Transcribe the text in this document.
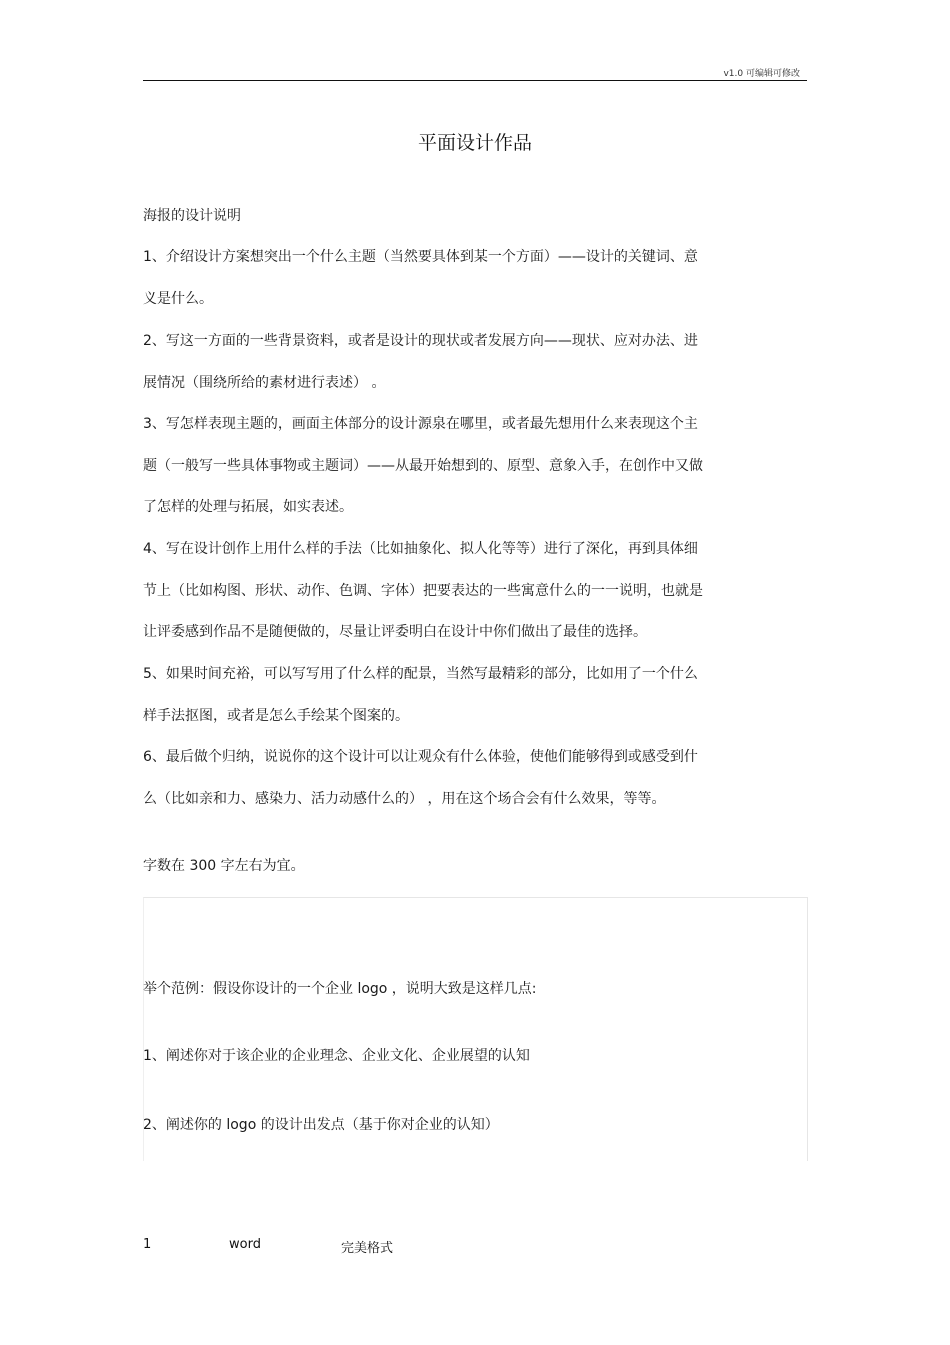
v1.0 可编辑可修改
平面设计作品
海报的设计说明
1、介绍设计方案想突出一个什么主题（当然要具体到某一个方面）——设计的关键词、意
义是什么。
2、写这一方面的一些背景资料，或者是设计的现状或者发展方向——现状、应对办法、进
展情况（围绕所给的素材进行表述） 。
3、写怎样表现主题的，画面主体部分的设计源泉在哪里，或者最先想用什么来表现这个主
题（一般写一些具体事物或主题词）——从最开始想到的、原型、意象入手，在创作中又做
了怎样的处理与拓展，如实表述。
4、写在设计创作上用什么样的手法（比如抽象化、拟人化等等）进行了深化，再到具体细
节上（比如构图、形状、动作、色调、字体）把要表达的一些寓意什么的一一说明，也就是
让评委感到作品不是随便做的，尽量让评委明白在设计中你们做出了最佳的选择。
5、如果时间充裕，可以写写用了什么样的配景，当然写最精彩的部分，比如用了一个什么
样手法抠图，或者是怎么手绘某个图案的。
6、最后做个归纳，说说你的这个设计可以让观众有什么体验，使他们能够得到或感受到什
么（比如亲和力、感染力、活力动感什么的） ，用在这个场合会有什么效果，等等。
字数在 300 字左右为宜。
举个范例：假设你设计的一个企业 logo ，说明大致是这样几点:
1、阐述你对于该企业的企业理念、企业文化、企业展望的认知
2、阐述你的 logo 的设计出发点（基于你对企业的认知）
1	word	完美格式
